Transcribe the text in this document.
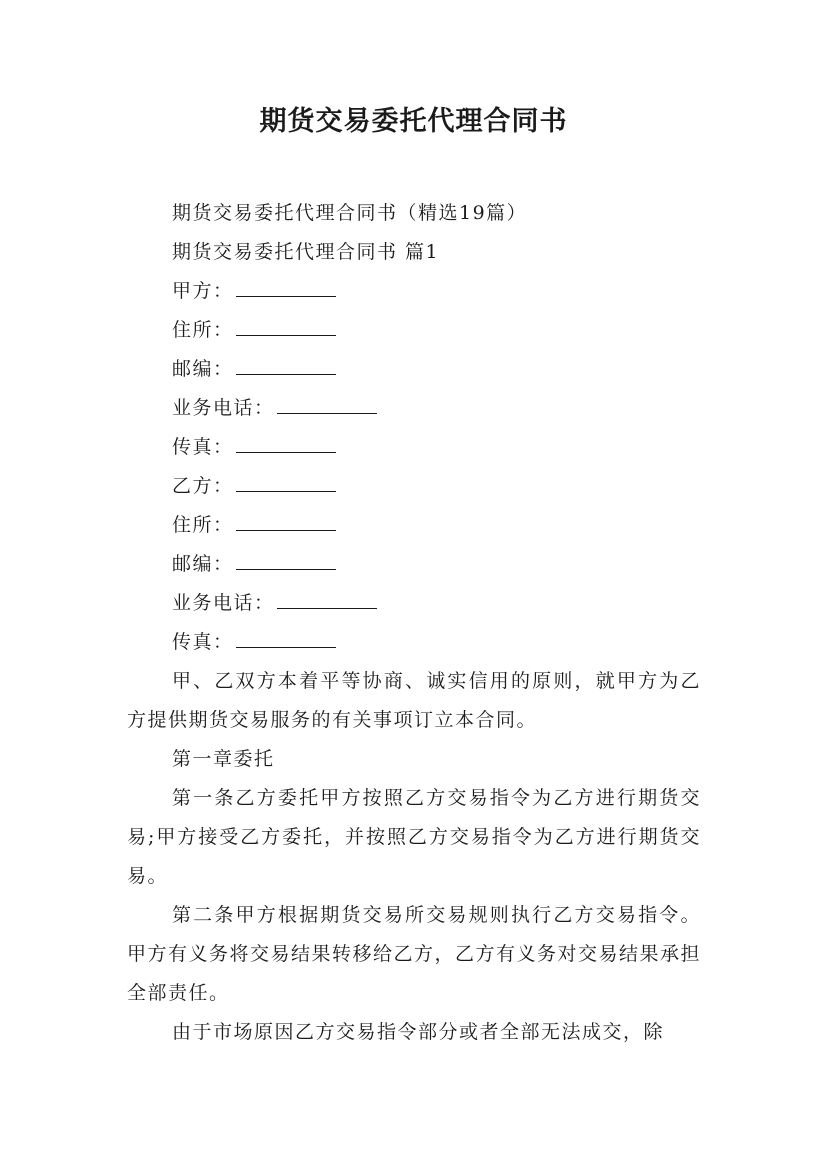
期货交易委托代理合同书
期货交易委托代理合同书（精选19篇）
期货交易委托代理合同书 篇1
甲方：
住所：
邮编：
业务电话：
传真：
乙方：
住所：
邮编：
业务电话：
传真：

甲、乙双方本着平等协商、诚实信用的原则，就甲方为乙方提供期货交易服务的有关事项订立本合同。

第一章委托

第一条乙方委托甲方按照乙方交易指令为乙方进行期货交易;甲方接受乙方委托，并按照乙方交易指令为乙方进行期货交易。

第二条甲方根据期货交易所交易规则执行乙方交易指令。甲方有义务将交易结果转移给乙方，乙方有义务对交易结果承担全部责任。

由于市场原因乙方交易指令部分或者全部无法成交，除
